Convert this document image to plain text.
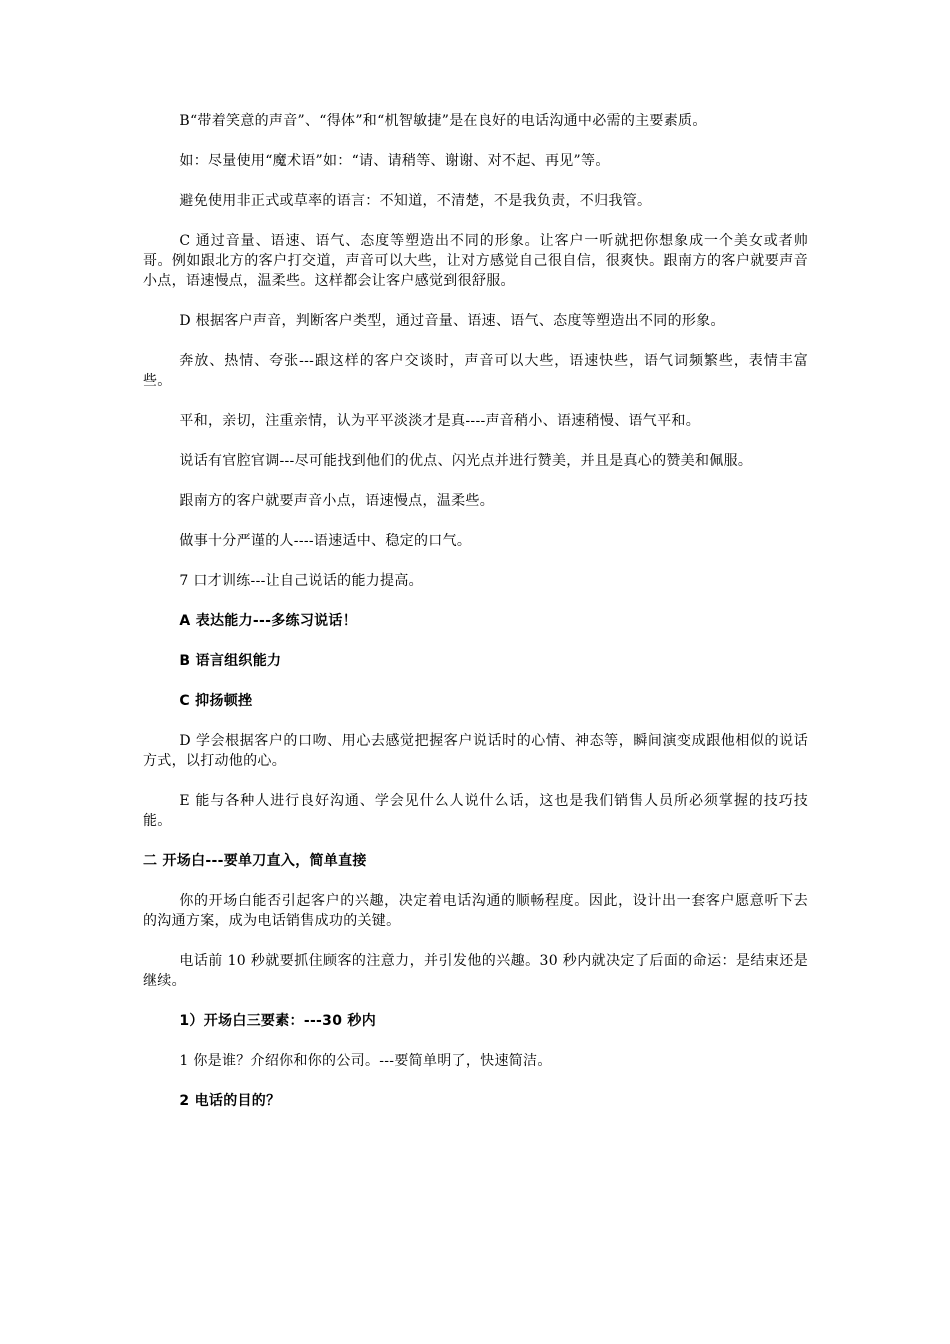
B“带着笑意的声音”、“得体”和“机智敏捷”是在良好的电话沟通中必需的主要素质。

如：尽量使用“魔术语”如：“请、请稍等、谢谢、对不起、再见”等。

避免使用非正式或草率的语言：不知道，不清楚，不是我负责，不归我管。

C 通过音量、语速、语气、态度等塑造出不同的形象。让客户一听就把你想象成一个美女或者帅哥。例如跟北方的客户打交道，声音可以大些，让对方感觉自己很自信，很爽快。跟南方的客户就要声音小点，语速慢点，温柔些。这样都会让客户感觉到很舒服。

D 根据客户声音，判断客户类型，通过音量、语速、语气、态度等塑造出不同的形象。

奔放、热情、夸张---跟这样的客户交谈时，声音可以大些，语速快些，语气词频繁些，表情丰富些。

平和，亲切，注重亲情，认为平平淡淡才是真----声音稍小、语速稍慢、语气平和。

说话有官腔官调---尽可能找到他们的优点、闪光点并进行赞美，并且是真心的赞美和佩服。

跟南方的客户就要声音小点，语速慢点，温柔些。

做事十分严谨的人----语速适中、稳定的口气。

7 口才训练---让自己说话的能力提高。

A 表达能力---多练习说话！

B 语言组织能力

C 抑扬顿挫

D 学会根据客户的口吻、用心去感觉把握客户说话时的心情、神态等，瞬间演变成跟他相似的说话方式，以打动他的心。

E 能与各种人进行良好沟通、学会见什么人说什么话，这也是我们销售人员所必须掌握的技巧技能。

二 开场白---要单刀直入，简单直接

你的开场白能否引起客户的兴趣，决定着电话沟通的顺畅程度。因此，设计出一套客户愿意听下去的沟通方案，成为电话销售成功的关键。

电话前 10 秒就要抓住顾客的注意力，并引发他的兴趣。30 秒内就决定了后面的命运：是结束还是继续。

1）开场白三要素：---30 秒内

1 你是谁？介绍你和你的公司。---要简单明了，快速简洁。

2 电话的目的？
